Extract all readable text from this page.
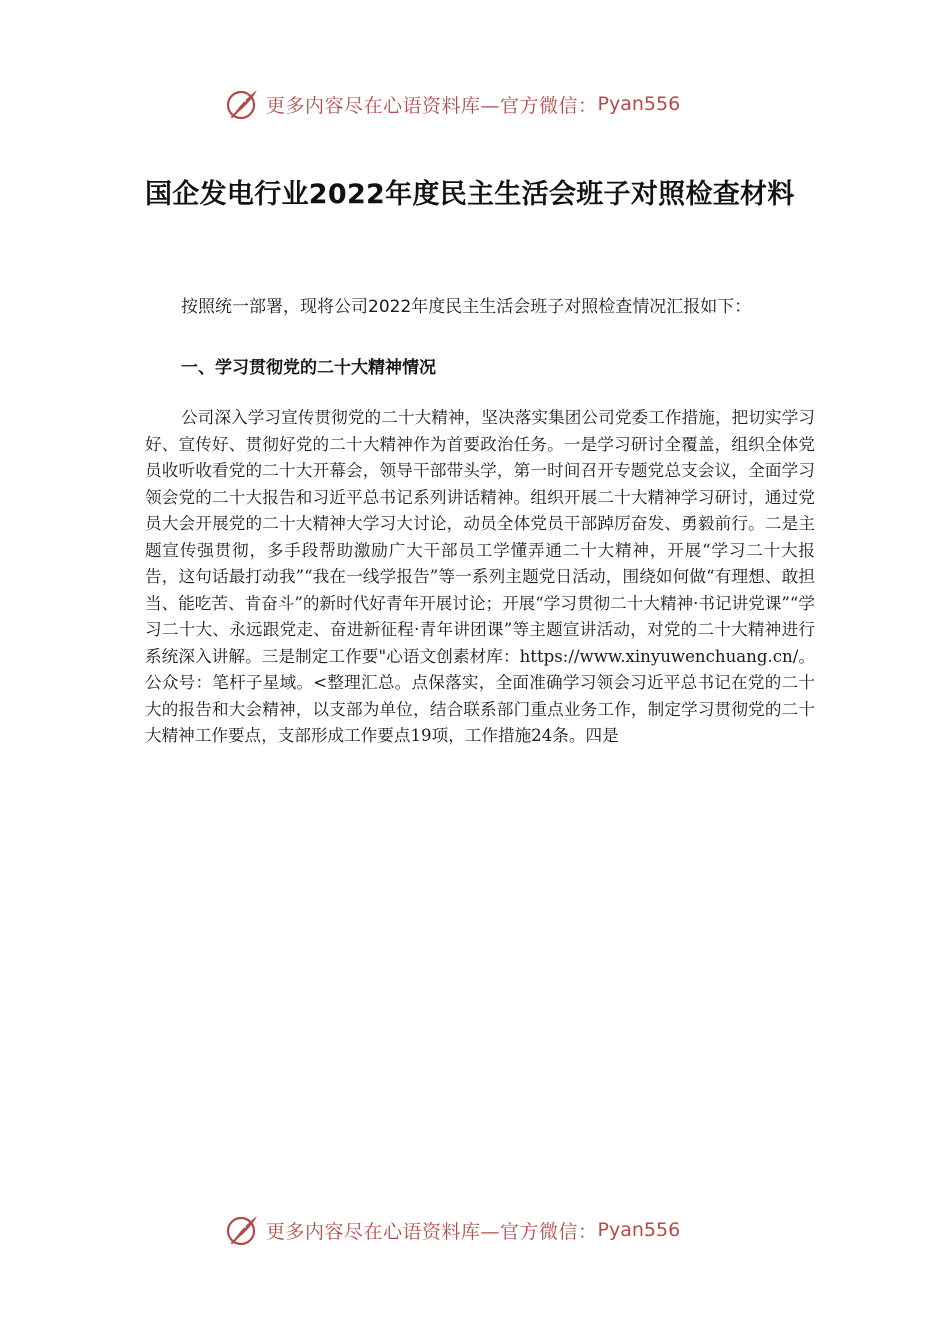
更多内容尽在心语资料库—官方微信： Pyan556
国企发电行业2022年度民主生活会班子对照检查材料

按照统一部署，现将公司2022年度民主生活会班子对照检查情况汇报如下：

一、学习贯彻党的二十大精神情况

公司深入学习宣传贯彻党的二十大精神，坚决落实集团公司党委工作措施，把切实学习好、宣传好、贯彻好党的二十大精神作为首要政治任务。一是学习研讨全覆盖，组织全体党员收听收看党的二十大开幕会，领导干部带头学，第一时间召开专题党总支会议，全面学习领会党的二十大报告和习近平总书记系列讲话精神。组织开展二十大精神学习研讨，通过党员大会开展党的二十大精神大学习大讨论，动员全体党员干部踔厉奋发、勇毅前行。二是主题宣传强贯彻，多手段帮助激励广大干部员工学懂弄通二十大精神，开展“学习二十大报告，这句话最打动我”“我在一线学报告”等一系列主题党日活动，围绕如何做“有理想、敢担当、能吃苦、肯奋斗”的新时代好青年开展讨论；开展“学习贯彻二十大精神·书记讲党课”“学习二十大、永远跟党走、奋进新征程·青年讲团课”等主题宣讲活动，对党的二十大精神进行系统深入讲解。三是制定工作要"心语文创素材库：https://www.xinyuwenchuang.cn/。公众号：笔杆子星域。<整理汇总。点保落实，全面准确学习领会习近平总书记在党的二十大的报告和大会精神，以支部为单位，结合联系部门重点业务工作，制定学习贯彻党的二十大精神工作要点，支部形成工作要点19项，工作措施24条。四是

更多内容尽在心语资料库—官方微信： Pyan556
